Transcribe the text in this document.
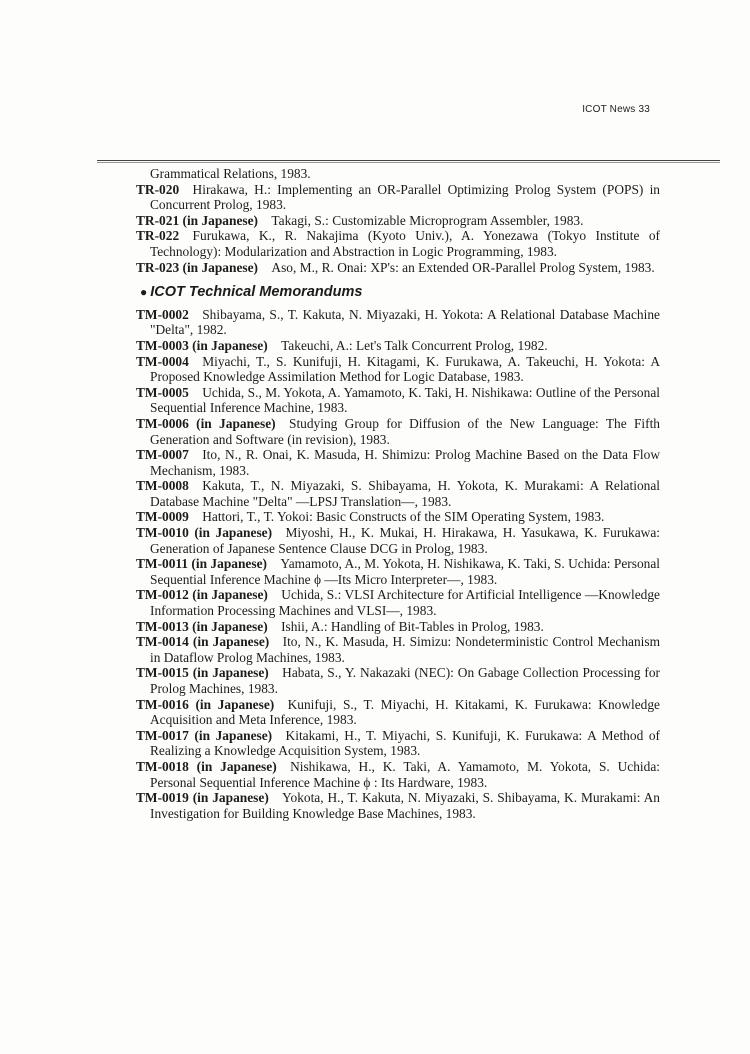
ICOT News 33
Grammatical Relations, 1983.
TR-020   Hirakawa, H.: Implementing an OR-Parallel Optimizing Prolog System (POPS) in Concurrent Prolog, 1983.
TR-021 (in Japanese)   Takagi, S.: Customizable Microprogram Assembler, 1983.
TR-022   Furukawa, K., R. Nakajima (Kyoto Univ.), A. Yonezawa (Tokyo Institute of Technology): Modularization and Abstraction in Logic Programming, 1983.
TR-023 (in Japanese)   Aso, M., R. Onai: XP's: an Extended OR-Parallel Prolog System, 1983.
● ICOT Technical Memorandums
TM-0002   Shibayama, S., T. Kakuta, N. Miyazaki, H. Yokota: A Relational Database Machine "Delta", 1982.
TM-0003 (in Japanese)   Takeuchi, A.: Let's Talk Concurrent Prolog, 1982.
TM-0004   Miyachi, T., S. Kunifuji, H. Kitagami, K. Furukawa, A. Takeuchi, H. Yokota: A Proposed Knowledge Assimilation Method for Logic Database, 1983.
TM-0005   Uchida, S., M. Yokota, A. Yamamoto, K. Taki, H. Nishikawa: Outline of the Personal Sequential Inference Machine, 1983.
TM-0006 (in Japanese)   Studying Group for Diffusion of the New Language: The Fifth Generation and Software (in revision), 1983.
TM-0007   Ito, N., R. Onai, K. Masuda, H. Shimizu: Prolog Machine Based on the Data Flow Mechanism, 1983.
TM-0008   Kakuta, T., N. Miyazaki, S. Shibayama, H. Yokota, K. Murakami: A Relational Database Machine "Delta" —LPSJ Translation—, 1983.
TM-0009   Hattori, T., T. Yokoi: Basic Constructs of the SIM Operating System, 1983.
TM-0010 (in Japanese)   Miyoshi, H., K. Mukai, H. Hirakawa, H. Yasukawa, K. Furukawa: Generation of Japanese Sentence Clause DCG in Prolog, 1983.
TM-0011 (in Japanese)   Yamamoto, A., M. Yokota, H. Nishikawa, K. Taki, S. Uchida: Personal Sequential Inference Machine ϕ —Its Micro Interpreter—, 1983.
TM-0012 (in Japanese)   Uchida, S.: VLSI Architecture for Artificial Intelligence —Knowledge Information Processing Machines and VLSI—, 1983.
TM-0013 (in Japanese)   Ishii, A.: Handling of Bit-Tables in Prolog, 1983.
TM-0014 (in Japanese)   Ito, N., K. Masuda, H. Simizu: Nondeterministic Control Mechanism in Dataflow Prolog Machines, 1983.
TM-0015 (in Japanese)   Habata, S., Y. Nakazaki (NEC): On Gabage Collection Processing for Prolog Machines, 1983.
TM-0016 (in Japanese)   Kunifuji, S., T. Miyachi, H. Kitakami, K. Furukawa: Knowledge Acquisition and Meta Inference, 1983.
TM-0017 (in Japanese)   Kitakami, H., T. Miyachi, S. Kunifuji, K. Furukawa: A Method of Realizing a Knowledge Acquisition System, 1983.
TM-0018 (in Japanese)   Nishikawa, H., K. Taki, A. Yamamoto, M. Yokota, S. Uchida: Personal Sequential Inference Machine ϕ : Its Hardware, 1983.
TM-0019 (in Japanese)   Yokota, H., T. Kakuta, N. Miyazaki, S. Shibayama, K. Murakami: An Investigation for Building Knowledge Base Machines, 1983.
